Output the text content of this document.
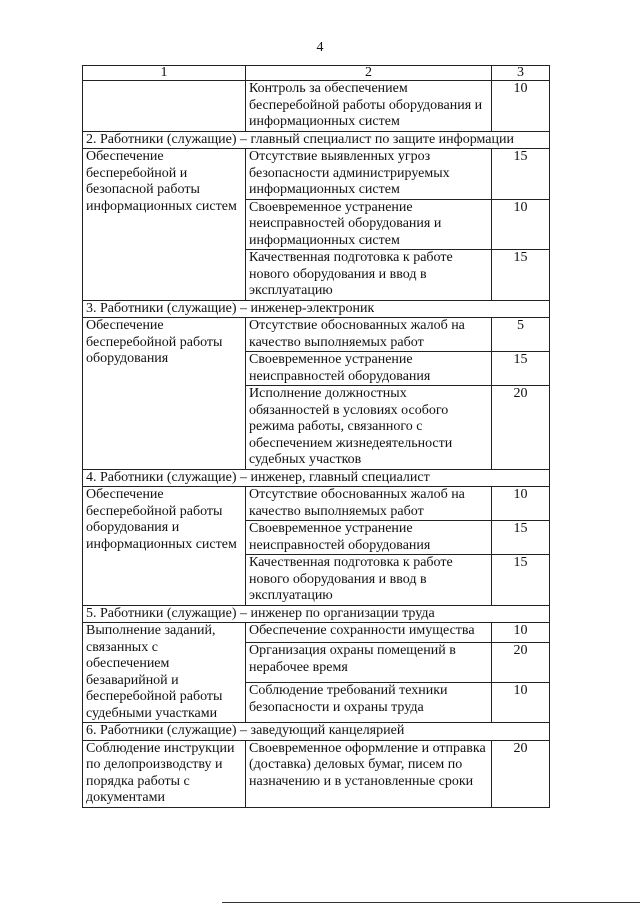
4
1	2	3
	Контроль за обеспечением бесперебойной работы оборудования и информационных систем	10
2. Работники (служащие) – главный специалист по защите информации		
Обеспечение бесперебойной и безопасной работы информационных систем	Отсутствие выявленных угроз безопасности администрируемых информационных систем	15
	Своевременное устранение неисправностей оборудования и информационных систем	10
	Качественная подготовка к работе нового оборудования и ввод в эксплуатацию	15
3. Работники (служащие) – инженер-электроник		
Обеспечение бесперебойной работы оборудования	Отсутствие обоснованных жалоб на качество выполняемых работ	5
	Своевременное устранение неисправностей оборудования	15
	Исполнение должностных обязанностей в условиях особого режима работы, связанного с обеспечением жизнедеятельности судебных участков	20
4. Работники (служащие) – инженер, главный специалист		
Обеспечение бесперебойной работы оборудования и информационных систем	Отсутствие обоснованных жалоб на качество выполняемых работ	10
	Своевременное устранение неисправностей оборудования	15
	Качественная подготовка к работе нового оборудования и ввод в эксплуатацию	15
5. Работники (служащие) – инженер по организации труда		
Выполнение заданий, связанных с обеспечением безаварийной и бесперебойной работы судебными участками	Обеспечение сохранности имущества	10
	Организация охраны помещений в нерабочее время	20
	Соблюдение требований техники безопасности и охраны труда	10
6. Работники (служащие) – заведующий канцелярией		
Соблюдение инструкции по делопроизводству и порядка работы с документами	Своевременное оформление и отправка (доставка) деловых бумаг, писем по назначению и в установленные сроки	20
